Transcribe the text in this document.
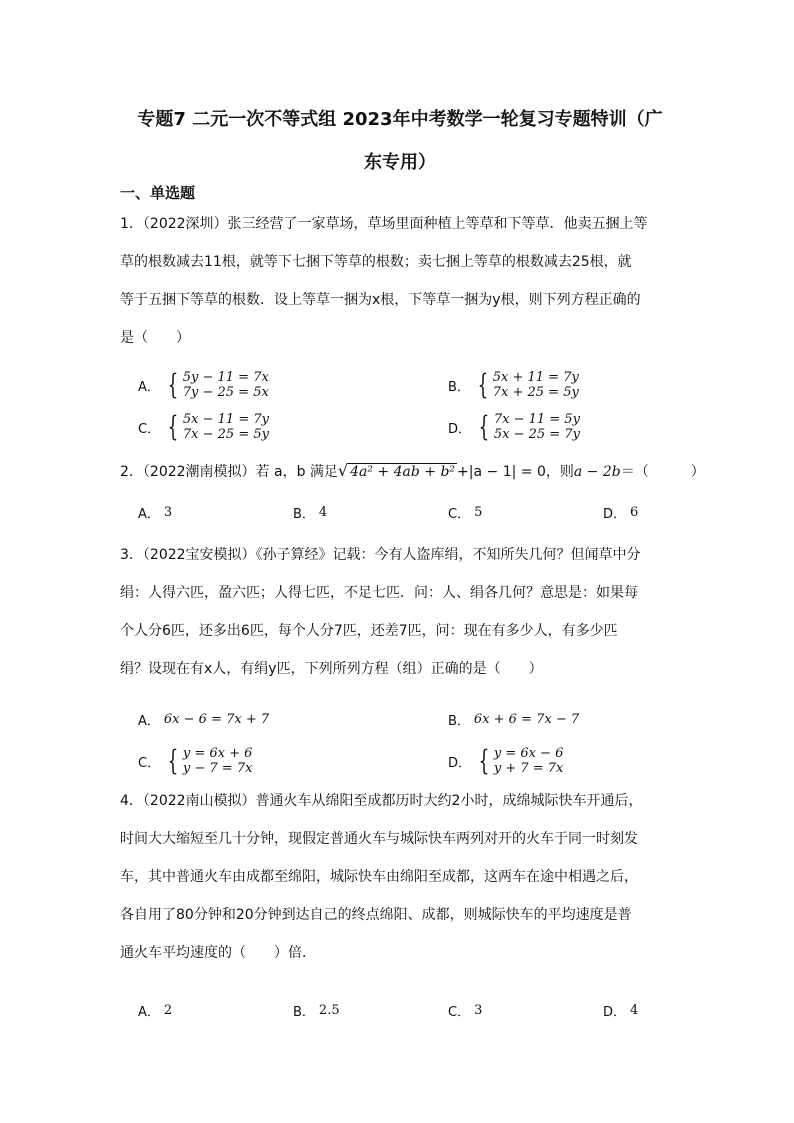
专题7 二元一次不等式组 2023年中考数学一轮复习专题特训（广
东专用）
一、单选题
1．（2022深圳）张三经营了一家草场，草场里面种植上等草和下等草．他卖五捆上等
草的根数减去11根，就等下七捆下等草的根数；卖七捆上等草的根数减去25根，就
等于五捆下等草的根数．设上等草一捆为x根，下等草一捆为y根，则下列方程正确的
是（　　）
A． { 5y − 11 = 7x
7y − 25 = 5x	B． { 5x + 11 = 7y
7x + 25 = 5y
C． { 5x − 11 = 7y
7x − 25 = 5y	D． { 7x − 11 = 5y
5x − 25 = 7y
2．（2022潮南模拟）若 a，b 满足√ 4a² + 4ab + b² +|a − 1| = 0，则a − 2b＝（　　　）
A． 3	B． 4	C． 5	D． 6
3．（2022宝安模拟）《孙子算经》记载：今有人盗库绢，不知所失几何？但闻草中分
绢：人得六匹，盈六匹；人得七匹，不足七匹．问：人、绢各几何？意思是：如果每
个人分6匹，还多出6匹，每个人分7匹，还差7匹，问：现在有多少人，有多少匹
绢？设现在有x人，有绢y匹，下列所列方程（组）正确的是（　　）
A． 6x − 6 = 7x + 7	B． 6x + 6 = 7x − 7
C． { y = 6x + 6
y − 7 = 7x	D． { y = 6x − 6
y + 7 = 7x
4．（2022南山模拟）普通火车从绵阳至成都历时大约2小时，成绵城际快车开通后，
时间大大缩短至几十分钟，现假定普通火车与城际快车两列对开的火车于同一时刻发
车，其中普通火车由成都至绵阳，城际快车由绵阳至成都，这两车在途中相遇之后，
各自用了80分钟和20分钟到达自己的终点绵阳、成都，则城际快车的平均速度是普
通火车平均速度的（　　）倍．
A． 2	B． 2.5	C． 3	D． 4
